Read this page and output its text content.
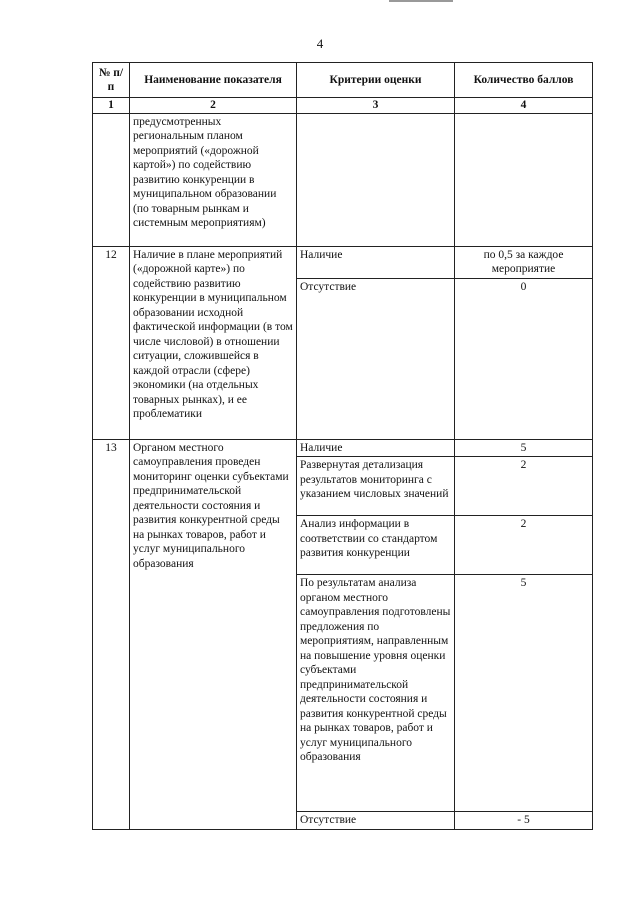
4
№ п/п	Наименование показателя	Критерии оценки	Количество баллов
1	2	3	4
	предусмотренных региональным планом мероприятий («дорожной картой») по содействию развитию конкуренции в муниципальном образовании (по товарным рынкам и системным мероприятиям)		
12	Наличие в плане мероприятий («дорожной карте») по содействию развитию конкуренции в муниципальном образовании исходной фактической информации (в том числе числовой) в отношении ситуации, сложившейся в каждой отрасли (сфере) экономики (на отдельных товарных рынках), и ее проблематики	Наличие	по 0,5 за каждое мероприятие
		Отсутствие	0
13	Органом местного самоуправления проведен мониторинг оценки субъектами предпринимательской деятельности состояния и развития конкурентной среды на рынках товаров, работ и услуг муниципального образования	Наличие	5
		Развернутая детализация результатов мониторинга с указанием числовых значений	2
		Анализ информации в соответствии со стандартом развития конкуренции	2
		По результатам анализа органом местного самоуправления подготовлены предложения по мероприятиям, направленным на повышение уровня оценки субъектами предпринимательской деятельности состояния и развития конкурентной среды на рынках товаров, работ и услуг муниципального образования	5
		Отсутствие	- 5
